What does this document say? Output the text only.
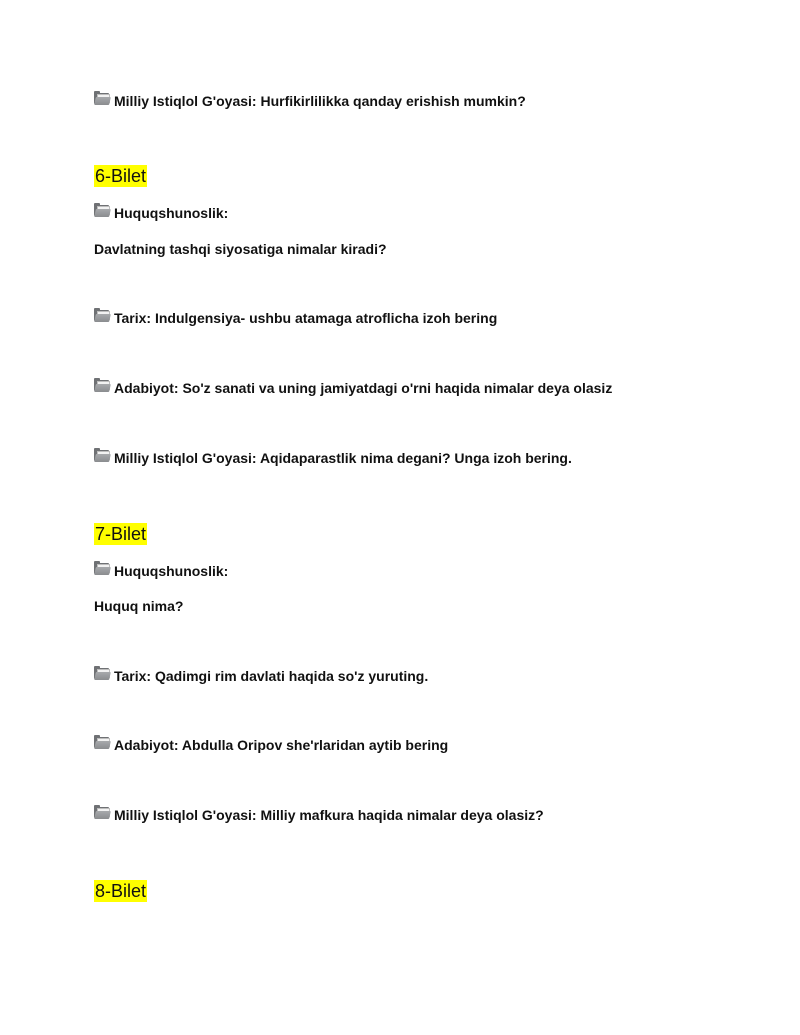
Milliy Istiqlol G'oyasi: Hurfikirlilikka qanday erishish mumkin?
6-Bilet
Huquqshunoslik:
Davlatning tashqi siyosatiga nimalar kiradi?
Tarix: Indulgensiya- ushbu atamaga atroflicha izoh bering
Adabiyot: So'z sanati va uning jamiyatdagi o'rni haqida nimalar deya olasiz
Milliy Istiqlol G'oyasi: Aqidaparastlik nima degani? Unga izoh bering.
7-Bilet
Huquqshunoslik:
Huquq nima?
Tarix: Qadimgi rim davlati haqida so'z yuruting.
Adabiyot: Abdulla Oripov she'rlaridan aytib bering
Milliy Istiqlol G'oyasi: Milliy mafkura haqida nimalar deya olasiz?
8-Bilet
